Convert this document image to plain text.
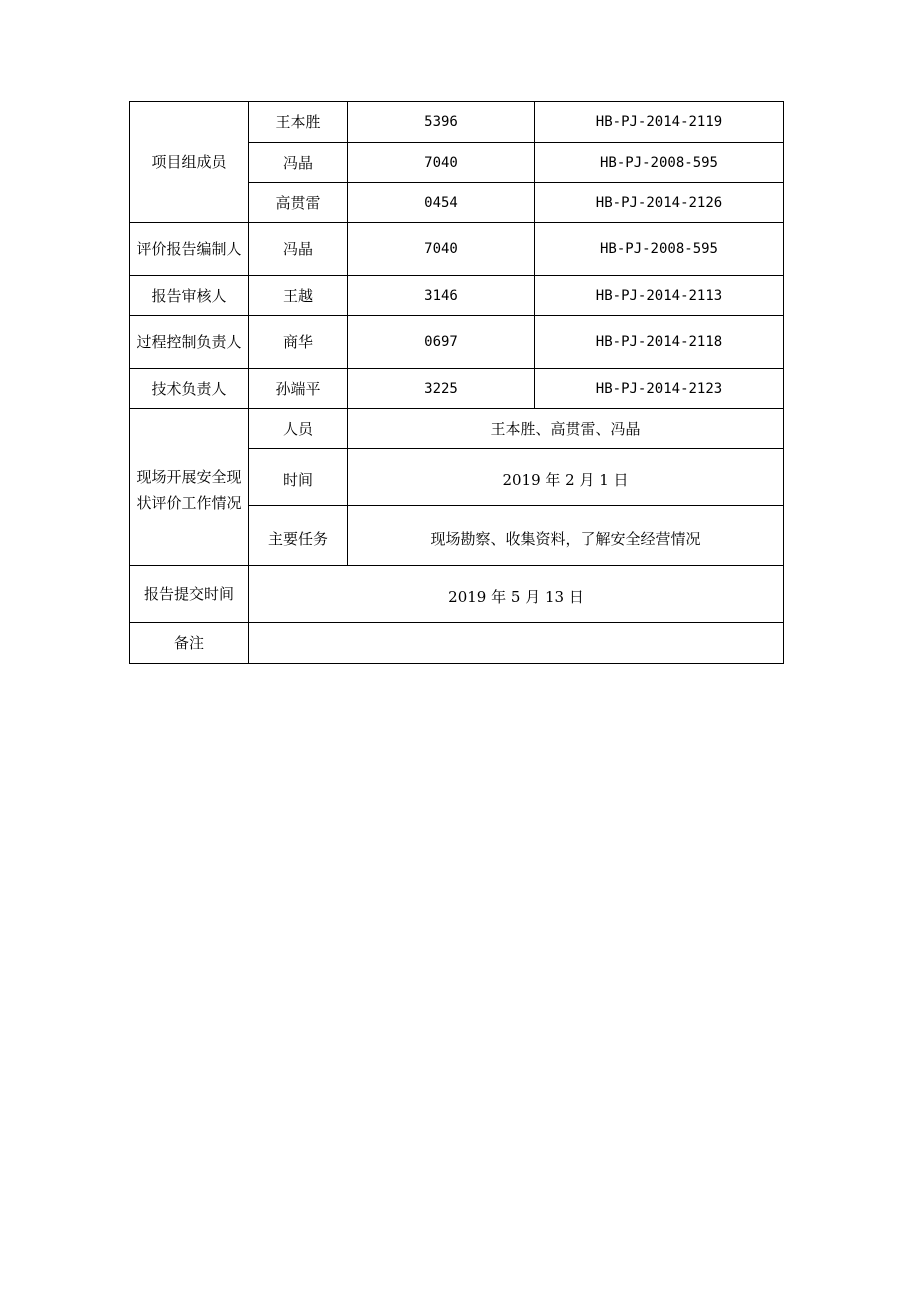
项目组成员	王本胜	5396	HB-PJ-2014-2119
	冯晶	7040	HB-PJ-2008-595
	高贯雷	0454	HB-PJ-2014-2126
评价报告编制人	冯晶	7040	HB-PJ-2008-595
报告审核人	王越	3146	HB-PJ-2014-2113
过程控制负责人	商华	0697	HB-PJ-2014-2118
技术负责人	孙端平	3225	HB-PJ-2014-2123
现场开展安全现状评价工作情况	人员	王本胜、高贯雷、冯晶	
	时间	2019 年 2 月 1 日	
	主要任务	现场勘察、收集资料，了解安全经营情况	
报告提交时间	2019 年 5 月 13 日		
备注			
